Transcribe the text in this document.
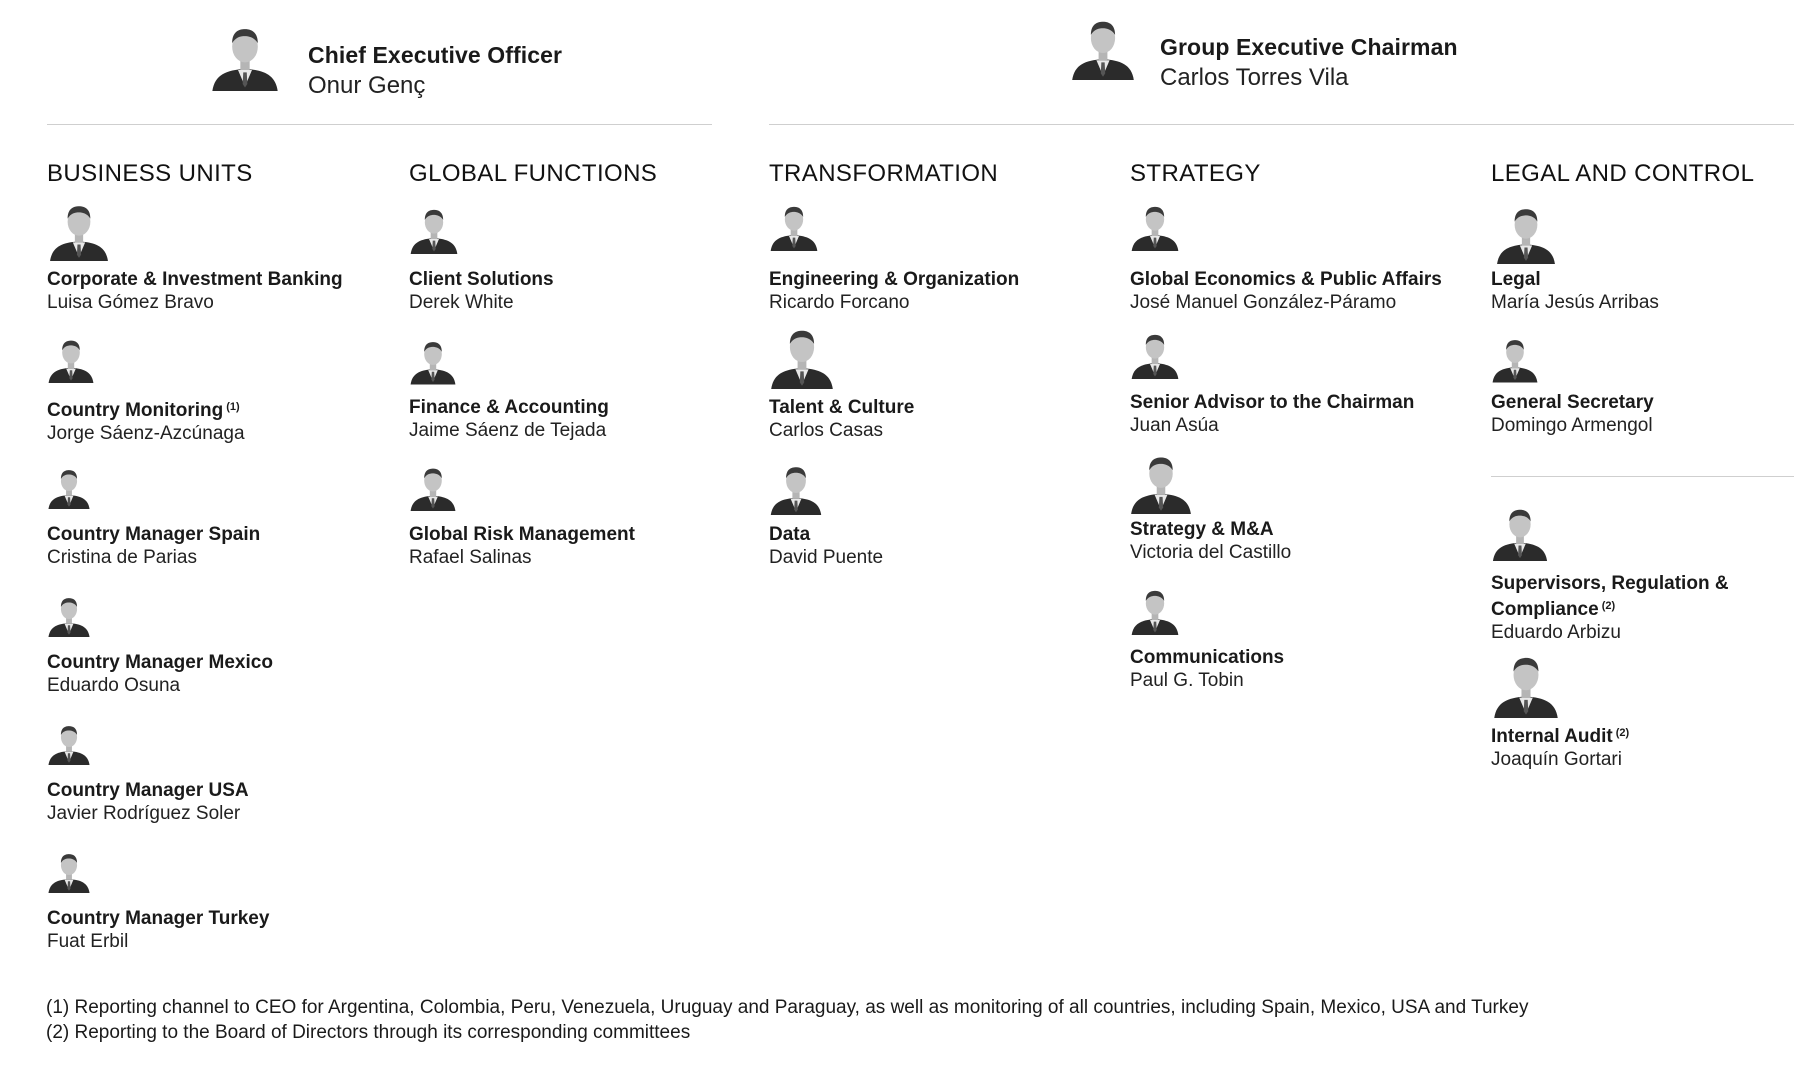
Chief Executive Officer
Onur Genç
Group Executive Chairman
Carlos Torres Vila
BUSINESS UNITS	GLOBAL FUNCTIONS	TRANSFORMATION	STRATEGY	LEGAL AND CONTROL
Corporate & Investment Banking
Luisa Gómez Bravo
Country Monitoring $^{(1)}$
Jorge Sáenz-Azcúnaga
Country Manager Spain
Cristina de Parias
Country Manager Mexico
Eduardo Osuna
Country Manager USA
Javier Rodríguez Soler
Country Manager Turkey
Fuat Erbil
Client Solutions
Derek White
Finance & Accounting
Jaime Sáenz de Tejada
Global Risk Management
Rafael Salinas
Engineering & Organization
Ricardo Forcano
Talent & Culture
Carlos Casas
Data
David Puente
Global Economics & Public Affairs
José Manuel González-Páramo
Senior Advisor to the Chairman
Juan Asúa
Strategy & M&A
Victoria del Castillo
Communications
Paul G. Tobin
Legal
María Jesús Arribas
General Secretary
Domingo Armengol
Supervisors, Regulation &
Compliance $^{(2)}$
Eduardo Arbizu
Internal Audit $^{(2)}$
Joaquín Gortari
(1) Reporting channel to CEO for Argentina, Colombia, Peru, Venezuela, Uruguay and Paraguay, as well as monitoring of all countries, including Spain, Mexico, USA and Turkey
(2) Reporting to the Board of Directors through its corresponding committees
